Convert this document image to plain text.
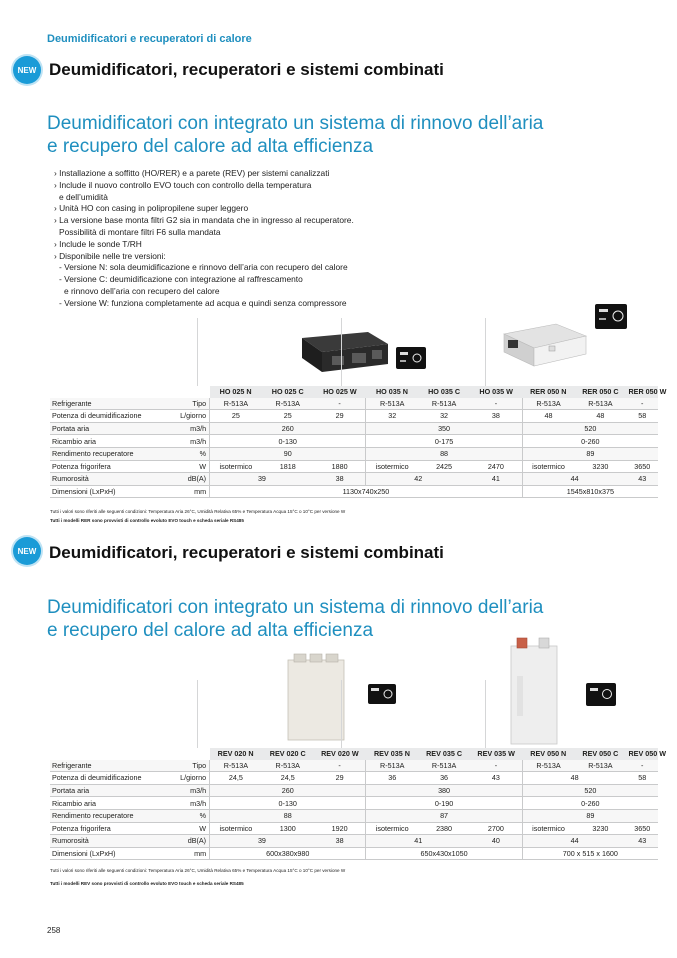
Deumidificatori e recuperatori di calore
NEW Deumidificatori, recuperatori e sistemi combinati
Deumidificatori con integrato un sistema di rinnovo dell’aria
e recupero del calore ad alta efficienza
› Installazione a soffitto (HO/RER) e a parete (REV) per sistemi canalizzati
› Include il nuovo controllo EVO touch con controllo della temperatura
e dell’umidità
› Unità HO con casing in polipropilene super leggero
› La versione base monta filtri G2 sia in mandata che in ingresso al recuperatore.
Possibilità di montare filtri F6 sulla mandata
› Include le sonde T/RH
› Disponibile nelle tre versioni:
- Versione N: sola deumidificazione e rinnovo dell’aria con recupero del calore
- Versione C: deumidificazione con integrazione al raffrescamento
e rinnovo dell’aria con recupero del calore
- Versione W: funziona completamente ad acqua e quindi senza compressore
		HO 025 N	HO 025 C	HO 025 W	HO 035 N	HO 035 C	HO 035 W	RER 050 N	RER 050 C	RER 050 W
Refrigerante	Tipo	R-513A	R-513A	-	R-513A	R-513A	-	R-513A	R-513A	-
Potenza di deumidificazione	L/giorno	25	25	29	32	32	38	48	48	58
Portata aria	m3/h	260			350			520		
Ricambio aria	m3/h	0-130			0-175			0-260		
Rendimento recuperatore	%	90			88			89		
Potenza frigorifera	W	isotermico	1818	1880	isotermico	2425	2470	isotermico	3230	3650
Rumorosità	dB(A)	39		38	42		41	44		43
Dimensioni (LxPxH)	mm	1130x740x250						1545x810x375		
Tutti i valori sono riferiti alle seguenti condizioni: Temperatura Aria 26°C, Umidità Relativa 65% e Temperatura Acqua 15°C o 10°C per versione W
Tutti i modelli RER sono provvisti di controllo evoluto EVO touch e scheda seriale RS485
NEW Deumidificatori, recuperatori e sistemi combinati
Deumidificatori con integrato un sistema di rinnovo dell’aria
e recupero del calore ad alta efficienza
		REV 020 N	REV 020 C	REV 020 W	REV 035 N	REV 035 C	REV 035 W	REV 050 N	REV 050 C	REV 050 W
Refrigerante	Tipo	R-513A	R-513A	-	R-513A	R-513A	-	R-513A	R-513A	-
Potenza di deumidificazione	L/giorno	24,5	24,5	29	36	36	43	48		58
Portata aria	m3/h	260			380			520		
Ricambio aria	m3/h	0-130			0-190			0-260		
Rendimento recuperatore	%	88			87			89		
Potenza frigorifera	W	isotermico	1300	1920	isotermico	2380	2700	isotermico	3230	3650
Rumorosità	dB(A)	39		38	41		40	44		43
Dimensioni (LxPxH)	mm	600x380x980			650x430x1050			700 x 515 x 1600		
Tutti i valori sono riferiti alle seguenti condizioni: Temperatura Aria 26°C, Umidità Relativa 65% e Temperatura Acqua 15°C o 10°C per versione W
Tutti i modelli REV sono provvisti di controllo evoluto EVO touch e scheda seriale RS485
258
